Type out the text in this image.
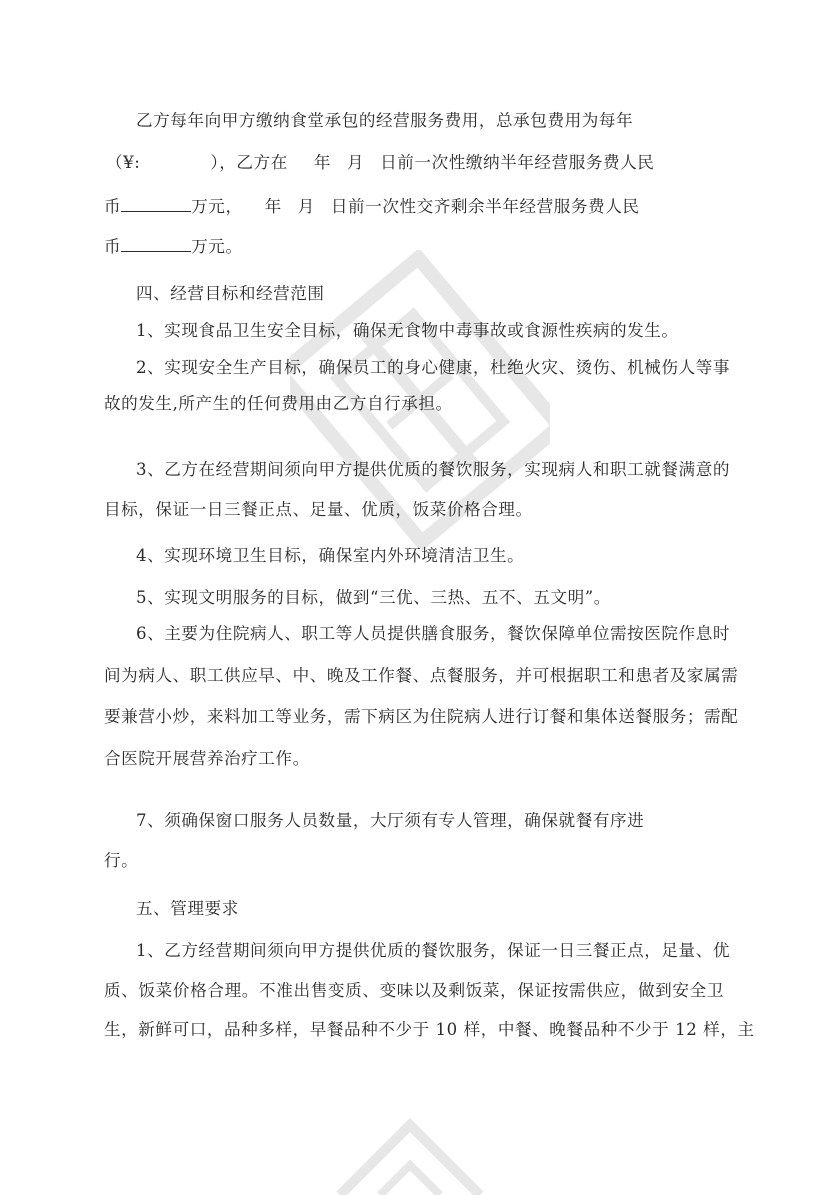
乙方每年向甲方缴纳食堂承包的经营服务费用，总承包费用为每年
（¥:	），乙方在 年 月 日前一次性缴纳半年经营服务费人民
币	万元， 年 月 日前一次性交齐剩余半年经营服务费人民
币	万元。
四、经营目标和经营范围
1、实现食品卫生安全目标，确保无食物中毒事故或食源性疾病的发生。
2、实现安全生产目标，确保员工的身心健康，杜绝火灾、烫伤、机械伤人等事
故的发生,所产生的任何费用由乙方自行承担。
3、乙方在经营期间须向甲方提供优质的餐饮服务，实现病人和职工就餐满意的
目标，保证一日三餐正点、足量、优质，饭菜价格合理。
4、实现环境卫生目标，确保室内外环境清洁卫生。
5、实现文明服务的目标，做到“三优、三热、五不、五文明”。
6、主要为住院病人、职工等人员提供膳食服务，餐饮保障单位需按医院作息时
间为病人、职工供应早、中、晚及工作餐、点餐服务，并可根据职工和患者及家属需
要兼营小炒，来料加工等业务，需下病区为住院病人进行订餐和集体送餐服务；需配
合医院开展营养治疗工作。
7、须确保窗口服务人员数量，大厅须有专人管理，确保就餐有序进
行。
五、管理要求
1、乙方经营期间须向甲方提供优质的餐饮服务，保证一日三餐正点，足量、优
质、饭菜价格合理。不准出售变质、变味以及剩饭菜，保证按需供应，做到安全卫
生，新鲜可口，品种多样，早餐品种不少于 10 样，中餐、晚餐品种不少于 12 样，主
